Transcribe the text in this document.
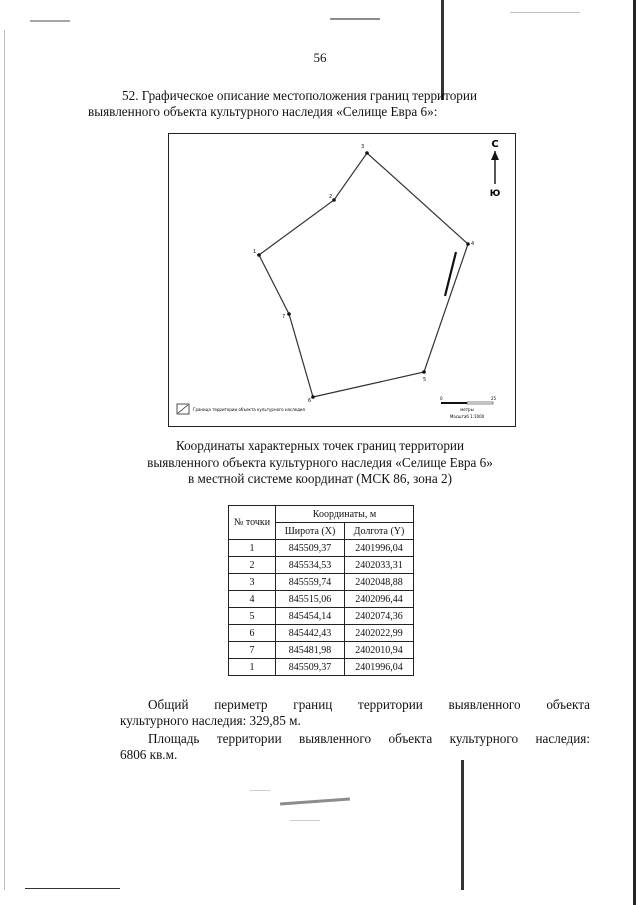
56
52. Графическое описание местоположения границ территории
выявленного объекта культурного наследия «Селище Евра 6»:
1
2
3
4
5
6
7
С
Ю
Граница территории объекта культурного наследия
0	25
метры
Масштаб 1:1000
Координаты характерных точек границ территории
выявленного объекта культурного наследия «Селище Евра 6»
в местной системе координат (МСК 86, зона 2)
№ точки	Координаты, м	
	Широта (X)	Долгота (Y)
1	845509,37	2401996,04
2	845534,53	2402033,31
3	845559,74	2402048,88
4	845515,06	2402096,44
5	845454,14	2402074,36
6	845442,43	2402022,99
7	845481,98	2402010,94
1	845509,37	2401996,04
Общий периметр границ территории выявленного объекта
культурного наследия: 329,85 м.
Площадь территории выявленного объекта культурного наследия:
6806 кв.м.
